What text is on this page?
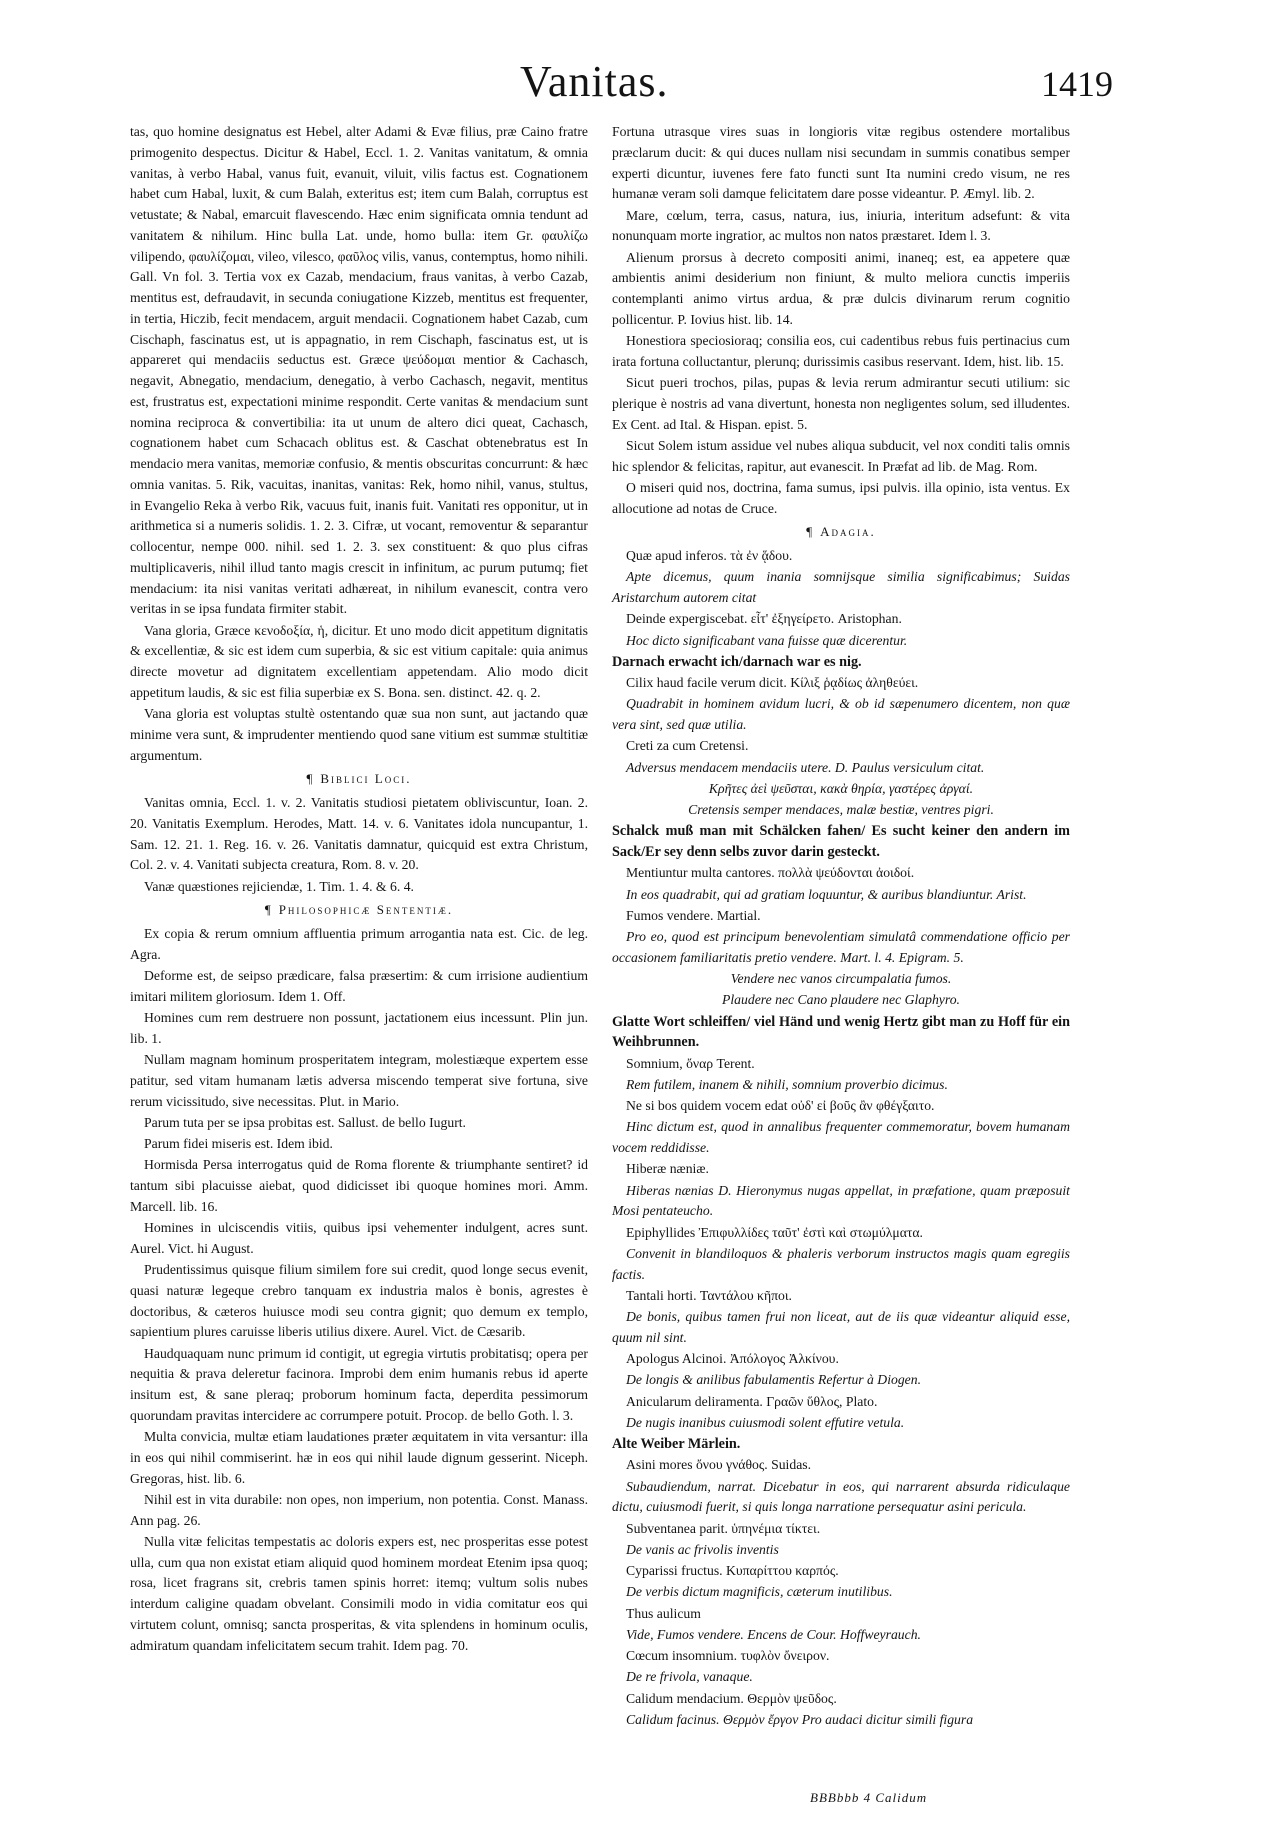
Vanitas.	1419

tas, quo homine designatus est Hebel, alter Adami & Evæ filius, præ Caino fratre primogenito despectus. Dicitur & Habel, Eccl. 1. 2. Vanitas vanitatum, & omnia vanitas, à verbo Habal, vanus fuit, evanuit, viluit, vilis factus est. Cognationem habet cum Habal, luxit, & cum Balah, exteritus est; item cum Balah, corruptus est vetustate; & Nabal, emarcuit flavescendo. Hæc enim significata omnia tendunt ad vanitatem & nihilum. Hinc bulla Lat. unde, homo bulla: item Gr. φαυλίζω vilipendo, φαυλίζομαι, vileo, vilesco, φαῦλος vilis, vanus, contemptus, homo nihili. Gall. Vn fol. 3. Tertia vox ex Cazab, mendacium, fraus vanitas, à verbo Cazab, mentitus est, defraudavit, in secunda coniugatione Kizzeb, mentitus est frequenter, in tertia, Hiczib, fecit mendacem, arguit mendacii. Cognationem habet Cazab, cum Cischaph, fascinatus est, ut is appagnatio, in rem Cischaph, fascinatus est, ut is appareret qui mendaciis seductus est. Græce ψεύδομαι mentior & Cachasch, negavit, Abnegatio, mendacium, denegatio, à verbo Cachasch, negavit, mentitus est, frustratus est, expectationi minime respondit. Certe vanitas & mendacium sunt nomina reciproca & convertibilia: ita ut unum de altero dici queat, Cachasch, cognationem habet cum Schacach oblitus est. & Caschat obtenebratus est In mendacio mera vanitas, memoriæ confusio, & mentis obscuritas concurrunt: & hæc omnia vanitas. 5. Rik, vacuitas, inanitas, vanitas: Rek, homo nihil, vanus, stultus, in Evangelio Reka à verbo Rik, vacuus fuit, inanis fuit. Vanitati res opponitur, ut in arithmetica si a numeris solidis. 1. 2. 3. Cifræ, ut vocant, removentur & separantur collocentur, nempe 000. nihil. sed 1. 2. 3. sex constituent: & quo plus cifras multiplicaveris, nihil illud tanto magis crescit in infinitum, ac purum putumq; fiet mendacium: ita nisi vanitas veritati adhæreat, in nihilum evanescit, contra vero veritas in se ipsa fundata firmiter stabit.

Vana gloria, Græce κενοδοξία, ἡ, dicitur. Et uno modo dicit appetitum dignitatis & excellentiæ, & sic est idem cum superbia, & sic est vitium capitale: quia animus directe movetur ad dignitatem excellentiam appetendam. Alio modo dicit appetitum laudis, & sic est filia superbiæ ex S. Bona. sen. distinct. 42. q. 2.

Vana gloria est voluptas stultè ostentando quæ sua non sunt, aut jactando quæ minime vera sunt, & imprudenter mentiendo quod sane vitium est summæ stultitiæ argumentum.

¶ Biblici Loci.

Vanitas omnia, Eccl. 1. v. 2. Vanitatis studiosi pietatem obliviscuntur, Ioan. 2. 20. Vanitatis Exemplum. Herodes, Matt. 14. v. 6. Vanitates idola nuncupantur, 1. Sam. 12. 21. 1. Reg. 16. v. 26. Vanitatis damnatur, quicquid est extra Christum, Col. 2. v. 4. Vanitati subjecta creatura, Rom. 8. v. 20.

Vanæ quæstiones rejiciendæ, 1. Tim. 1. 4. & 6. 4.

¶ Philosophicæ Sententiæ.

Ex copia & rerum omnium affluentia primum arrogantia nata est. Cic. de leg. Agra.

Deforme est, de seipso prædicare, falsa præsertim: & cum irrisione audientium imitari militem gloriosum. Idem 1. Off.

Homines cum rem destruere non possunt, jactationem eius incessunt. Plin jun. lib. 1.

Nullam magnam hominum prosperitatem integram, molestiæque expertem esse patitur, sed vitam humanam lætis adversa miscendo temperat sive fortuna, sive rerum vicissitudo, sive necessitas. Plut. in Mario.

Parum tuta per se ipsa probitas est. Sallust. de bello Iugurt.

Parum fidei miseris est. Idem ibid.

Hormisda Persa interrogatus quid de Roma florente & triumphante sentiret? id tantum sibi placuisse aiebat, quod didicisset ibi quoque homines mori. Amm. Marcell. lib. 16.

Homines in ulciscendis vitiis, quibus ipsi vehementer indulgent, acres sunt. Aurel. Vict. hi August.

Prudentissimus quisque filium similem fore sui credit, quod longe secus evenit, quasi naturæ legeque crebro tanquam ex industria malos è bonis, agrestes è doctoribus, & cæteros huiusce modi seu contra gignit; quo demum ex templo, sapientium plures caruisse liberis utilius dixere. Aurel. Vict. de Cæsarib.

Haudquaquam nunc primum id contigit, ut egregia virtutis probitatisq; opera per nequitia & prava deleretur facinora. Improbi dem enim humanis rebus id aperte insitum est, & sane pleraq; proborum hominum facta, deperdita pessimorum quorundam pravitas intercidere ac corrumpere potuit. Procop. de bello Goth. l. 3.

Multa convicia, multæ etiam laudationes præter æquitatem in vita versantur: illa in eos qui nihil commiserint. hæ in eos qui nihil laude dignum gesserint. Niceph. Gregoras, hist. lib. 6.

Nihil est in vita durabile: non opes, non imperium, non potentia. Const. Manass. Ann pag. 26.

Nulla vitæ felicitas tempestatis ac doloris expers est, nec prosperitas esse potest ulla, cum qua non existat etiam aliquid quod hominem mordeat Etenim ipsa quoq; rosa, licet fragrans sit, crebris tamen spinis horret: itemq; vultum solis nubes interdum caligine quadam obvelant. Consimili modo in vidia comitatur eos qui virtutem colunt, omnisq; sancta prosperitas, & vita splendens in hominum oculis, admiratum quandam infelicitatem secum trahit. Idem pag. 70.

Fortuna utrasque vires suas in longioris vitæ regibus ostendere mortalibus præclarum ducit: & qui duces nullam nisi secundam in summis conatibus semper experti dicuntur, iuvenes fere fato functi sunt Ita numini credo visum, ne res humanæ veram soli damque felicitatem dare posse videantur. P. Æmyl. lib. 2.

Mare, cœlum, terra, casus, natura, ius, iniuria, interitum adsefunt: & vita nonunquam morte ingratior, ac multos non natos præstaret. Idem l. 3.

Alienum prorsus à decreto compositi animi, inaneq; est, ea appetere quæ ambientis animi desiderium non finiunt, & multo meliora cunctis imperiis contemplanti animo virtus ardua, & præ dulcis divinarum rerum cognitio pollicentur. P. Iovius hist. lib. 14.

Honestiora speciosioraq; consilia eos, cui cadentibus rebus fuis pertinacius cum irata fortuna colluctantur, plerunq; durissimis casibus reservant. Idem, hist. lib. 15.

Sicut pueri trochos, pilas, pupas & levia rerum admirantur secuti utilium: sic plerique è nostris ad vana divertunt, honesta non negligentes solum, sed illudentes. Ex Cent. ad Ital. & Hispan. epist. 5.

Sicut Solem istum assidue vel nubes aliqua subducit, vel nox conditi talis omnis hic splendor & felicitas, rapitur, aut evanescit. In Præfat ad lib. de Mag. Rom.

O miseri quid nos, doctrina, fama sumus, ipsi pulvis. illa opinio, ista ventus. Ex allocutione ad notas de Cruce.

¶ Adagia.

Quæ apud inferos. τὰ ἐν ᾅδου.

Apte dicemus, quum inania somnijsque similia significabimus; Suidas Aristarchum autorem citat

Deinde expergiscebat. εἶτ' ἐξηγείρετο. Aristophan.

Hoc dicto significabant vana fuisse quæ dicerentur.

Darnach erwacht ich/darnach war es nig.

Cilix haud facile verum dicit. Κίλιξ ῥᾳδίως ἀληθεύει.

Quadrabit in hominem avidum lucri, & ob id sæpenumero dicentem, non quæ vera sint, sed quæ utilia.

Creti za cum Cretensi.

Adversus mendacem mendaciis utere. D. Paulus versiculum citat.

Κρῆτες ἀεὶ ψεῦσται, κακὰ θηρία, γαστέρες ἀργαί.

Cretensis semper mendaces, malæ bestiæ, ventres pigri.

Schalck muß man mit Schälcken fahen/ Es sucht keiner den andern im Sack/Er sey denn selbs zuvor darin gesteckt.

Mentiuntur multa cantores. πολλὰ ψεύδονται ἀοιδοί.

In eos quadrabit, qui ad gratiam loquuntur, & auribus blandiuntur. Arist.

Fumos vendere. Martial.

Pro eo, quod est principum benevolentiam simulatâ commendatione officio per occasionem familiaritatis pretio vendere. Mart. l. 4. Epigram. 5.

Vendere nec vanos circumpalatia fumos.

Plaudere nec Cano plaudere nec Glaphyro.

Glatte Wort schleiffen/ viel Händ und wenig Hertz gibt man zu Hoff für ein Weihbrunnen.

Somnium, ὄναρ Terent.

Rem futilem, inanem & nihili, somnium proverbio dicimus.

Ne si bos quidem vocem edat οὐδ' εἰ βοῦς ἂν φθέγξαιτο.

Hinc dictum est, quod in annalibus frequenter commemoratur, bovem humanam vocem reddidisse.

Hiberæ næniæ.

Hiberas nænias D. Hieronymus nugas appellat, in præfatione, quam præposuit Mosi pentateucho.

Epiphyllides Ἐπιφυλλίδες ταῦτ' ἐστὶ καὶ στωμύλματα.

Convenit in blandiloquos & phaleris verborum instructos magis quam egregiis factis.

Tantali horti. Ταντάλου κῆποι.

De bonis, quibus tamen frui non liceat, aut de iis quæ videantur aliquid esse, quum nil sint.

Apologus Alcinoi. Ἀπόλογος Ἀλκίνου.

De longis & anilibus fabulamentis Refertur à Diogen.

Anicularum deliramenta. Γραῶν ὕθλος, Plato.

De nugis inanibus cuiusmodi solent effutire vetula.

Alte Weiber Märlein.

Asini mores ὄνου γνάθος. Suidas.

Subaudiendum, narrat. Dicebatur in eos, qui narrarent absurda ridiculaque dictu, cuiusmodi fuerit, si quis longa narratione persequatur asini pericula.

Subventanea parit. ὑπηνέμια τίκτει.

De vanis ac frivolis inventis

Cyparissi fructus. Κυπαρίττου καρπός.

De verbis dictum magnificis, cæterum inutilibus.

Thus aulicum

Vide, Fumos vendere. Encens de Cour. Hoffweyrauch.

Cœcum insomnium. τυφλὸν ὄνειρον.

De re frivola, vanaque.

Calidum mendacium. Θερμὸν ψεῦδος.

Calidum facinus. Θερμὸν ἔργον Pro audaci dicitur simili figura

BBBbbb 4 Calidum
